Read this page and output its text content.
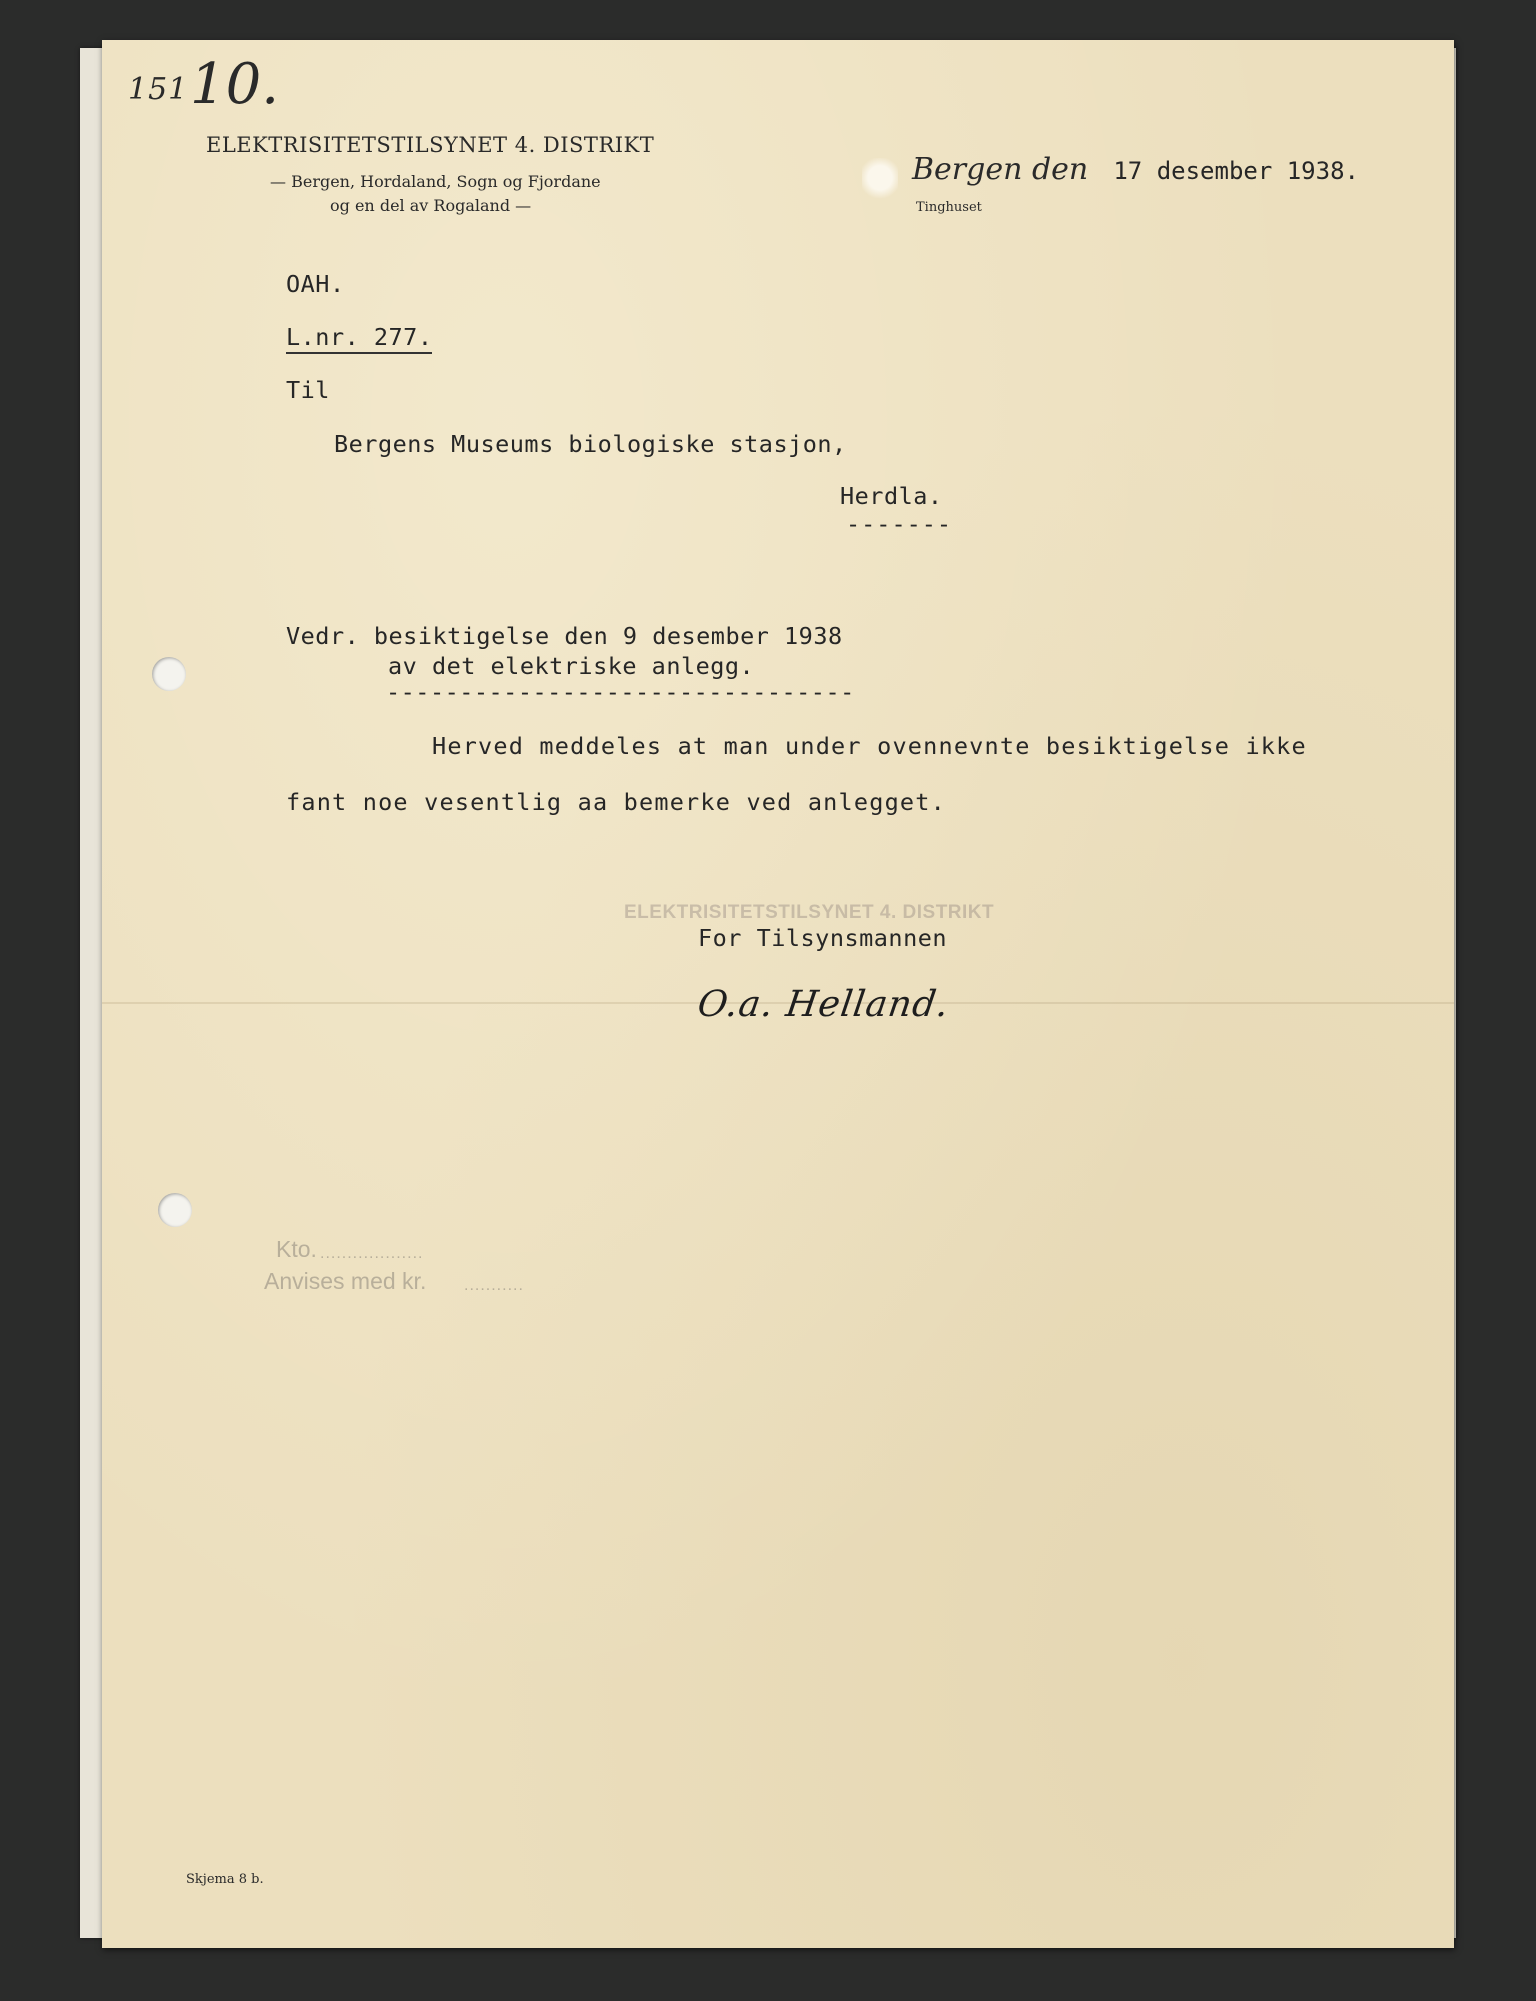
151 10.
ELEKTRISITETSTILSYNET 4. DISTRIKT
— Bergen, Hordaland, Sogn og Fjordane
og en del av Rogaland —
Bergen den 17 desember 1938.
Tinghuset
OAH.
L.nr. 277.
Til
Bergens Museums biologiske stasjon,
Herdla.
-------
Vedr. besiktigelse den 9 desember 1938
av det elektriske anlegg.
--------------------------------
Herved meddeles at man under ovennevnte besiktigelse ikke
fant noe vesentlig aa bemerke ved anlegget.
ELEKTRISITETSTILSYNET 4. DISTRIKT
For Tilsynsmannen
O.a. Helland.
Kto. ...................
Anvises med kr. ...........
Skjema 8 b.
